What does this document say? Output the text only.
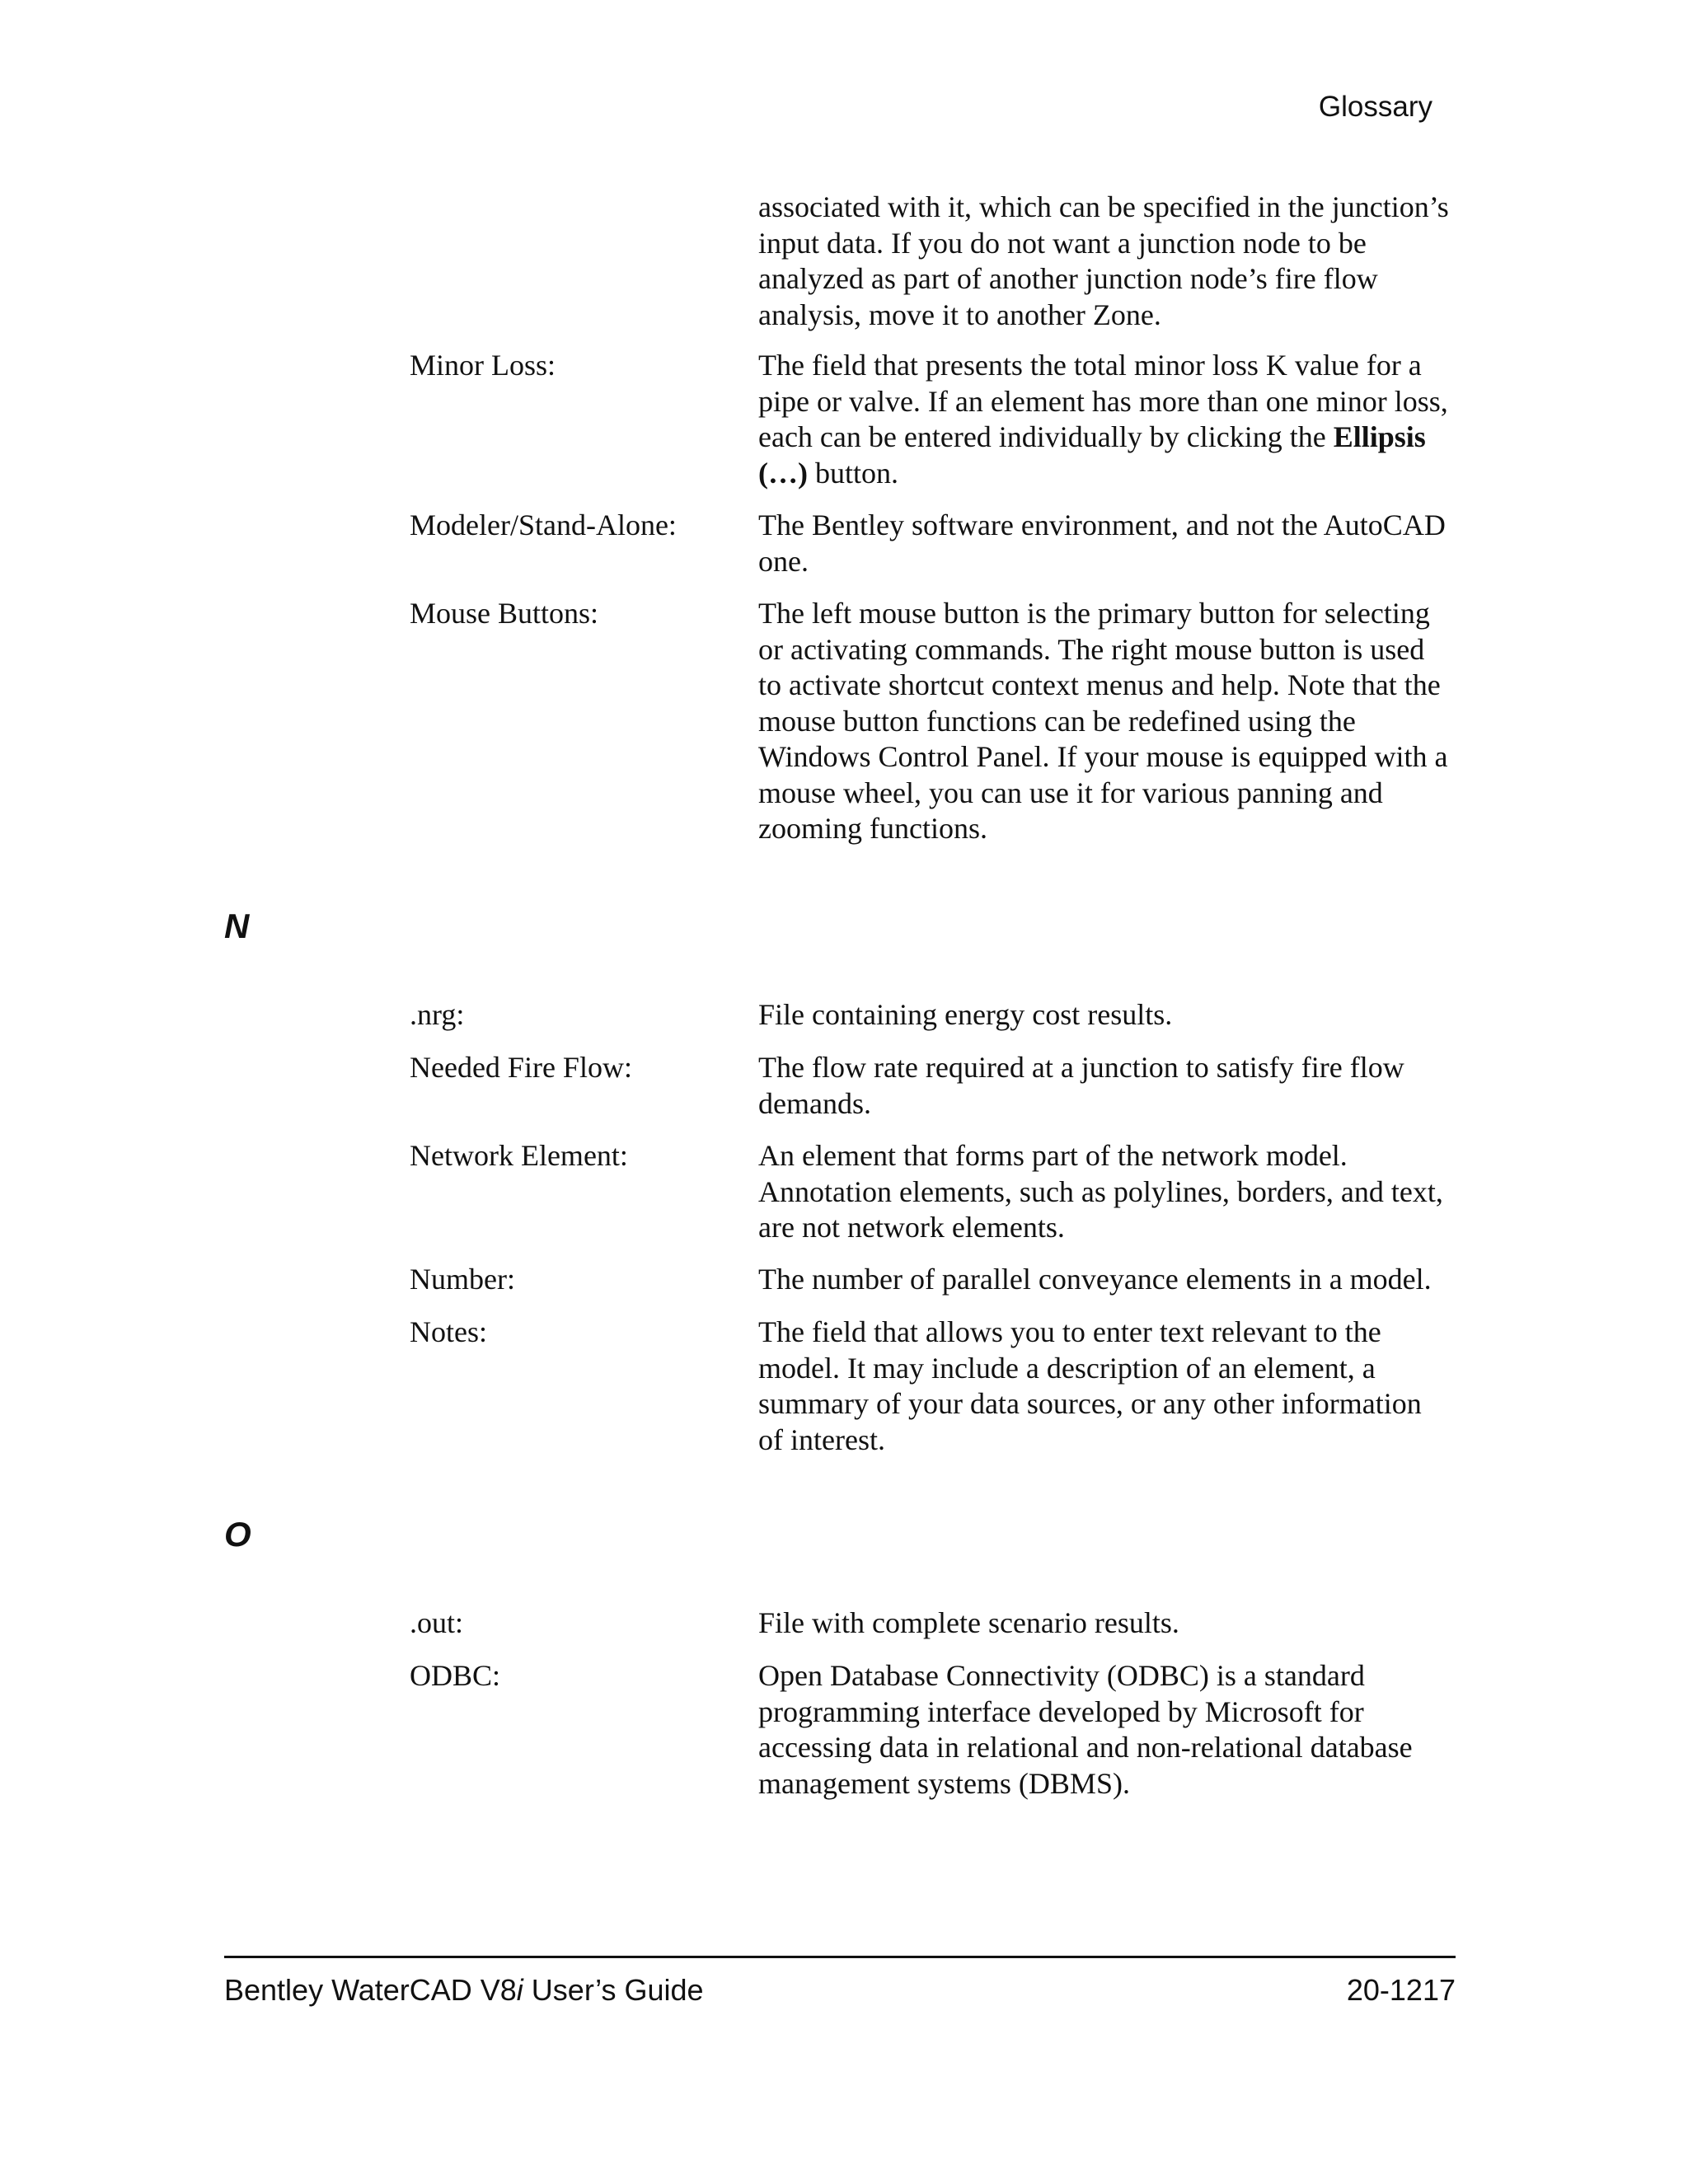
Glossary
associated with it, which can be specified in the junction’s input data. If you do not want a junction node to be analyzed as part of another junction node’s fire flow analysis, move it to another Zone.
Minor Loss:	The field that presents the total minor loss K value for a pipe or valve. If an element has more than one minor loss, each can be entered individually by clicking the Ellipsis (…) button.
Modeler/Stand-Alone:	The Bentley software environment, and not the AutoCAD one.
Mouse Buttons:	The left mouse button is the primary button for selecting or activating commands. The right mouse button is used to activate shortcut context menus and help. Note that the mouse button functions can be redefined using the Windows Control Panel. If your mouse is equipped with a mouse wheel, you can use it for various panning and zooming functions.
N
.nrg:	File containing energy cost results.
Needed Fire Flow:	The flow rate required at a junction to satisfy fire flow demands.
Network Element:	An element that forms part of the network model. Annotation elements, such as polylines, borders, and text, are not network elements.
Number:	The number of parallel conveyance elements in a model.
Notes:	The field that allows you to enter text relevant to the model. It may include a description of an element, a summary of your data sources, or any other information of interest.
O
.out:	File with complete scenario results.
ODBC:	Open Database Connectivity (ODBC) is a standard programming interface developed by Microsoft for accessing data in relational and non-relational database management systems (DBMS).
Bentley WaterCAD V8i User’s Guide	20-1217
